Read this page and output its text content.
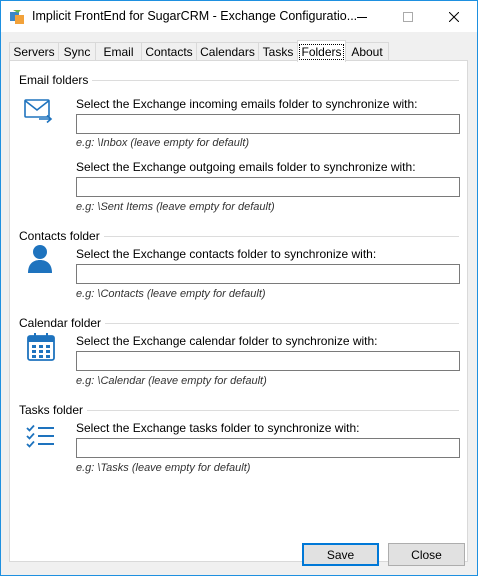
Implicit FrontEnd for SugarCRM - Exchange Configuratio...
Servers Sync Email Contacts Calendars Tasks Folders About
Email folders
Select the Exchange incoming emails folder to synchronize with:
e.g: \Inbox (leave empty for default)
Select the Exchange outgoing emails folder to synchronize with:
e.g: \Sent Items (leave empty for default)
Contacts folder
Select the Exchange contacts folder to synchronize with:
e.g: \Contacts (leave empty for default)
Calendar folder
Select the Exchange calendar folder to synchronize with:
e.g: \Calendar (leave empty for default)
Tasks folder
Select the Exchange tasks folder to synchronize with:
e.g: \Tasks (leave empty for default)
Save	Close
